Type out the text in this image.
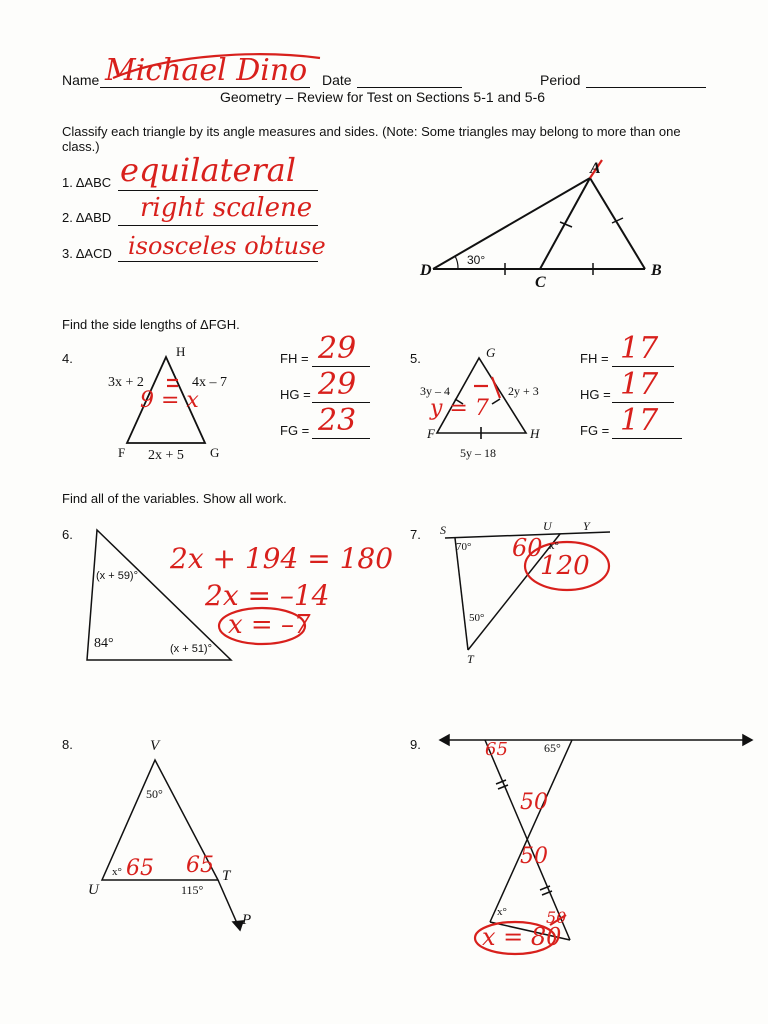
Name Michael Dino Date	Period
Geometry – Review for Test on Sections 5-1 and 5-6
Classify each triangle by its angle measures and sides. (Note: Some triangles may belong to more than one class.)
1. ΔABC equilateral
2. ΔABD right scalene
3. ΔACD isosceles obtuse
A
B
C
D
30°
Find the side lengths of ΔFGH.
4.	H
F	G
3x + 2	4x – 7
2x + 5
9 = x
FH = 29
HG = 29
FG = 23
5.	G
F	H
3y – 4	2y + 3
5y – 18
y = 7
FH = 17
HG = 17
FG = 17
Find all of the variables. Show all work.
6.
(x + 59)°
84°	(x + 51)°
2x + 194 = 180
2x = –14
x = –7
7. S	U	Y
T
70°
50°
x°
60
120
8.	V
U
T
P
50°
x°
115°
65 65
9.	65°
x°
65
50
50
50
x = 80
